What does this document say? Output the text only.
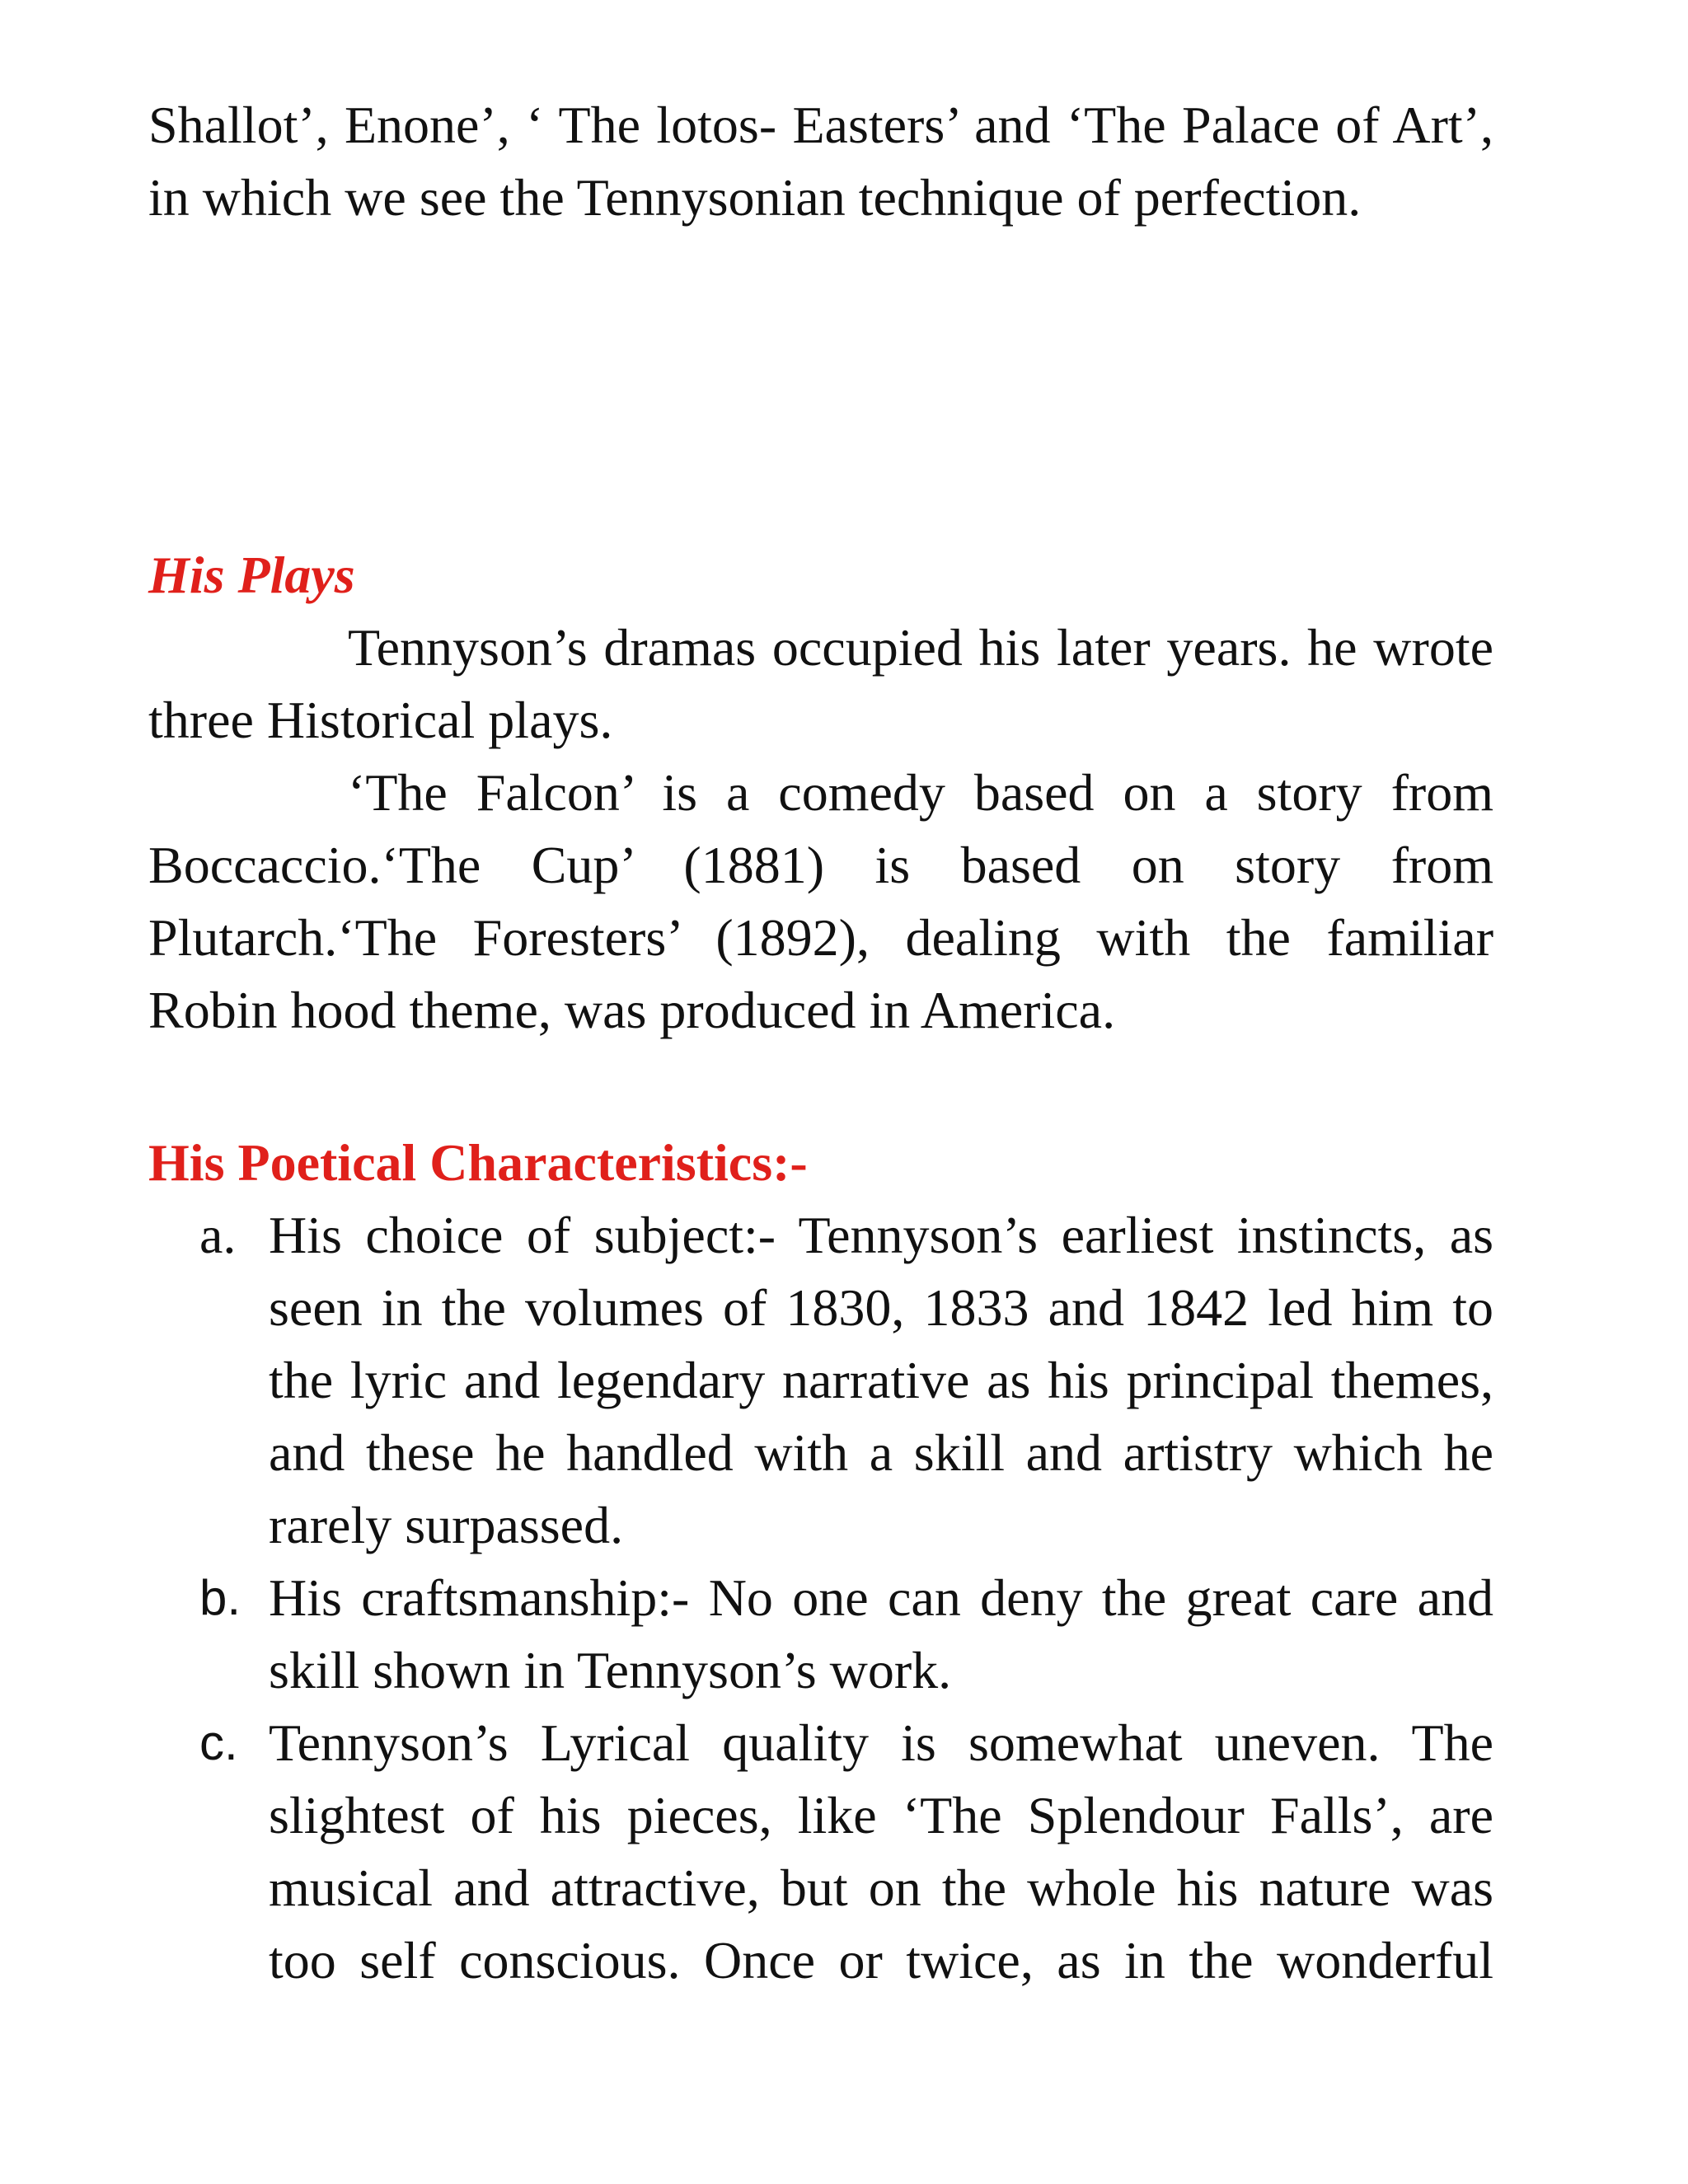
Shallot’, Enone’, ‘ The lotos- Easters’ and ‘The Palace of Art’, in which we see the Tennysonian technique of perfection.

His Plays

Tennyson’s dramas occupied his later years. he wrote three Historical plays.

‘The Falcon’ is a comedy based on a story from Boccaccio.‘The Cup’ (1881) is based on story from Plutarch.‘The Foresters’ (1892), dealing with the familiar Robin hood theme, was produced in America.

His Poetical Characteristics:-
a. His choice of subject:- Tennyson’s earliest instincts, as seen in the volumes of 1830, 1833 and 1842 led him to the lyric and legendary narrative as his principal themes, and these he handled with a skill and artistry which he rarely surpassed.
b. His craftsmanship:- No one can deny the great care and skill shown in Tennyson’s work.
c. Tennyson’s Lyrical quality is somewhat uneven. The slightest of his pieces, like ‘The Splendour Falls’, are musical and attractive, but on the whole his nature was too self conscious. Once or twice, as in the wonderful
